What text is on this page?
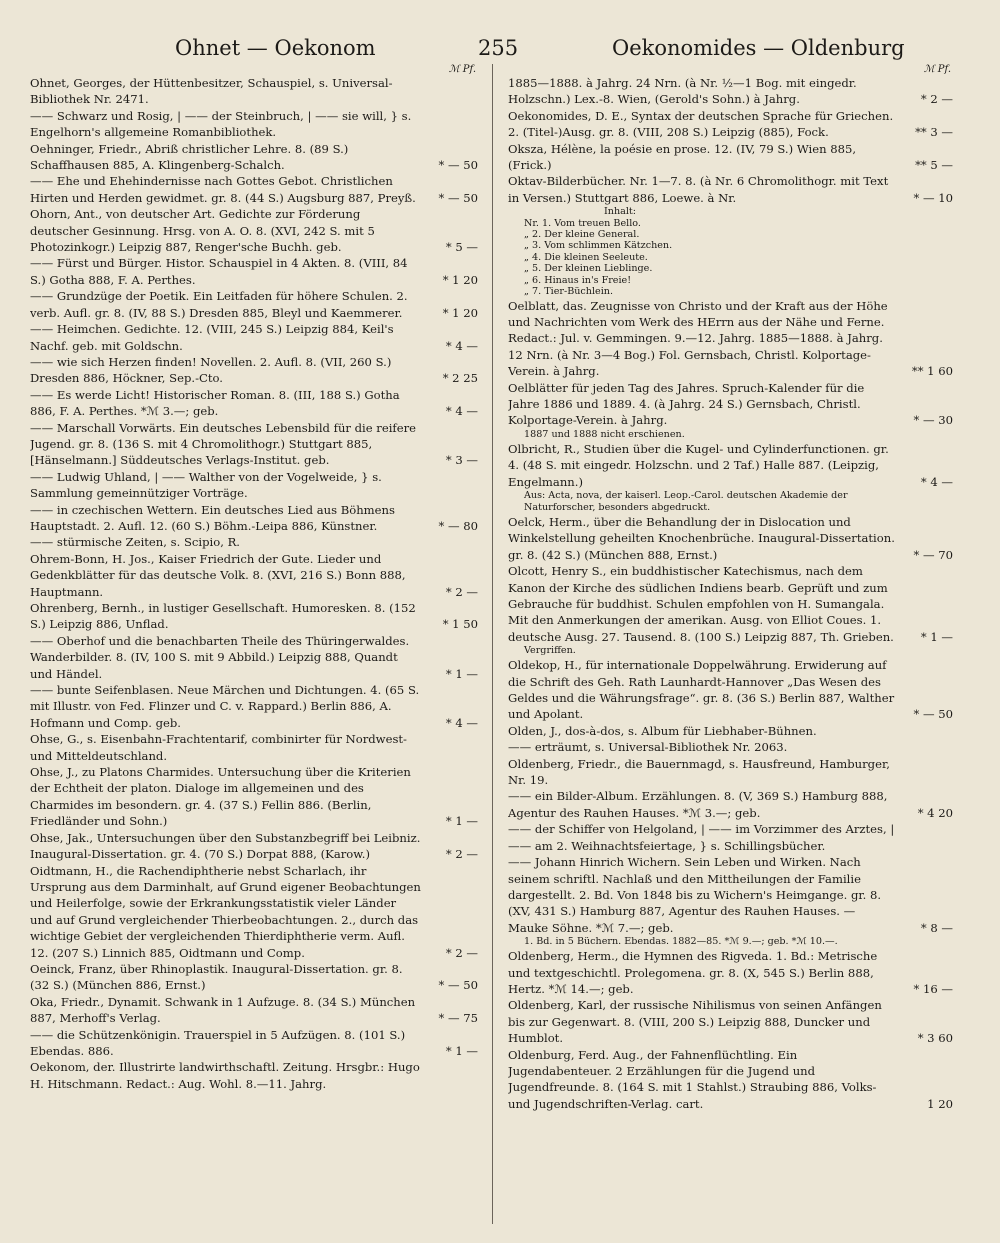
Ohnet — Oekonom	255	Oekonomides — Oldenburg
ℳ Pf.
Ohnet, Georges, der Hüttenbesitzer, Schauspiel, s. Universal-Bibliothek Nr. 2471.
—— Schwarz und Rosig, | —— der Steinbruch, | —— sie will, } s. Engelhorn's allgemeine Romanbibliothek.
Oehninger, Friedr., Abriß christlicher Lehre. 8. (89 S.) Schaffhausen 885, A. Klingenberg-Schalch.	* — 50
—— Ehe und Ehehindernisse nach Gottes Gebot. Christlichen Hirten und Herden gewidmet. gr. 8. (44 S.) Augsburg 887, Preyß.	* — 50
Ohorn, Ant., von deutscher Art. Gedichte zur Förderung deutscher Gesinnung. Hrsg. von A. O. 8. (XVI, 242 S. mit 5 Photozinkogr.) Leipzig 887, Renger'sche Buchh. geb.	* 5 —
—— Fürst und Bürger. Histor. Schauspiel in 4 Akten. 8. (VIII, 84 S.) Gotha 888, F. A. Perthes.	* 1 20
—— Grundzüge der Poetik. Ein Leitfaden für höhere Schulen. 2. verb. Aufl. gr. 8. (IV, 88 S.) Dresden 885, Bleyl und Kaemmerer.	* 1 20
—— Heimchen. Gedichte. 12. (VIII, 245 S.) Leipzig 884, Keil's Nachf. geb. mit Goldschn.	* 4 —
—— wie sich Herzen finden! Novellen. 2. Aufl. 8. (VII, 260 S.) Dresden 886, Höckner, Sep.-Cto.	* 2 25
—— Es werde Licht! Historischer Roman. 8. (III, 188 S.) Gotha 886, F. A. Perthes. *ℳ 3.—; geb.	* 4 —
—— Marschall Vorwärts. Ein deutsches Lebensbild für die reifere Jugend. gr. 8. (136 S. mit 4 Chromolithogr.) Stuttgart 885, [Hänselmann.] Süddeutsches Verlags-Institut. geb.	* 3 —
—— Ludwig Uhland, | —— Walther von der Vogelweide, } s. Sammlung gemeinnütziger Vorträge.
—— in czechischen Wettern. Ein deutsches Lied aus Böhmens Hauptstadt. 2. Aufl. 12. (60 S.) Böhm.-Leipa 886, Künstner.	* — 80
—— stürmische Zeiten, s. Scipio, R.
Ohrem-Bonn, H. Jos., Kaiser Friedrich der Gute. Lieder und Gedenkblätter für das deutsche Volk. 8. (XVI, 216 S.) Bonn 888, Hauptmann.	* 2 —
Ohrenberg, Bernh., in lustiger Gesellschaft. Humoresken. 8. (152 S.) Leipzig 886, Unflad.	* 1 50
—— Oberhof und die benachbarten Theile des Thüringerwaldes. Wanderbilder. 8. (IV, 100 S. mit 9 Abbild.) Leipzig 888, Quandt und Händel.	* 1 —
—— bunte Seifenblasen. Neue Märchen und Dichtungen. 4. (65 S. mit Illustr. von Fed. Flinzer und C. v. Rappard.) Berlin 886, A. Hofmann und Comp. geb.	* 4 —
Ohse, G., s. Eisenbahn-Frachtentarif, combinirter für Nordwest- und Mitteldeutschland.
Ohse, J., zu Platons Charmides. Untersuchung über die Kriterien der Echtheit der platon. Dialoge im allgemeinen und des Charmides im besondern. gr. 4. (37 S.) Fellin 886. (Berlin, Friedländer und Sohn.)	* 1 —
Ohse, Jak., Untersuchungen über den Substanzbegriff bei Leibniz. Inaugural-Dissertation. gr. 4. (70 S.) Dorpat 888, (Karow.)	* 2 —
Oidtmann, H., die Rachendiphtherie nebst Scharlach, ihr Ursprung aus dem Darminhalt, auf Grund eigener Beobachtungen und Heilerfolge, sowie der Erkrankungsstatistik vieler Länder und auf Grund vergleichender Thierbeobachtungen. 2., durch das wichtige Gebiet der vergleichenden Thierdiphtherie verm. Aufl. 12. (207 S.) Linnich 885, Oidtmann und Comp.	* 2 —
Oeinck, Franz, über Rhinoplastik. Inaugural-Dissertation. gr. 8. (32 S.) (München 886, Ernst.)	* — 50
Oka, Friedr., Dynamit. Schwank in 1 Aufzuge. 8. (34 S.) München 887, Merhoff's Verlag.	* — 75
—— die Schützenkönigin. Trauerspiel in 5 Aufzügen. 8. (101 S.) Ebendas. 886.	* 1 —
Oekonom, der. Illustrirte landwirthschaftl. Zeitung. Hrsgbr.: Hugo H. Hitschmann. Redact.: Aug. Wohl. 8.—11. Jahrg.
ℳ Pf.
1885—1888. à Jahrg. 24 Nrn. (à Nr. ½—1 Bog. mit eingedr. Holzschn.) Lex.-8. Wien, (Gerold's Sohn.) à Jahrg.	* 2 —
Oekonomides, D. E., Syntax der deutschen Sprache für Griechen. 2. (Titel-)Ausg. gr. 8. (VIII, 208 S.) Leipzig (885), Fock.	** 3 —
Oksza, Hélène, la poésie en prose. 12. (IV, 79 S.) Wien 885, (Frick.)	** 5 —
Oktav-Bilderbücher. Nr. 1—7. 8. (à Nr. 6 Chromolithogr. mit Text in Versen.) Stuttgart 886, Loewe. à Nr.	* — 10
Inhalt:
Nr. 1. Vom treuen Bello.
„ 2. Der kleine General.
„ 3. Vom schlimmen Kätzchen.
„ 4. Die kleinen Seeleute.
„ 5. Der kleinen Lieblinge.
„ 6. Hinaus in's Freie!
„ 7. Tier-Büchlein.
Oelblatt, das. Zeugnisse von Christo und der Kraft aus der Höhe und Nachrichten vom Werk des HErrn aus der Nähe und Ferne. Redact.: Jul. v. Gemmingen. 9.—12. Jahrg. 1885—1888. à Jahrg. 12 Nrn. (à Nr. 3—4 Bog.) Fol. Gernsbach, Christl. Kolportage-Verein. à Jahrg.	** 1 60
Oelblätter für jeden Tag des Jahres. Spruch-Kalender für die Jahre 1886 und 1889. 4. (à Jahrg. 24 S.) Gernsbach, Christl. Kolportage-Verein. à Jahrg.	* — 30
1887 und 1888 nicht erschienen.
Olbricht, R., Studien über die Kugel- und Cylinderfunctionen. gr. 4. (48 S. mit eingedr. Holzschn. und 2 Taf.) Halle 887. (Leipzig, Engelmann.)	* 4 —
Aus: Acta, nova, der kaiserl. Leop.-Carol. deutschen Akademie der Naturforscher, besonders abgedruckt.
Oelck, Herm., über die Behandlung der in Dislocation und Winkelstellung geheilten Knochenbrüche. Inaugural-Dissertation. gr. 8. (42 S.) (München 888, Ernst.)	* — 70
Olcott, Henry S., ein buddhistischer Katechismus, nach dem Kanon der Kirche des südlichen Indiens bearb. Geprüft und zum Gebrauche für buddhist. Schulen empfohlen von H. Sumangala. Mit den Anmerkungen der amerikan. Ausg. von Elliot Coues. 1. deutsche Ausg. 27. Tausend. 8. (100 S.) Leipzig 887, Th. Grieben.	* 1 —
Vergriffen.
Oldekop, H., für internationale Doppelwährung. Erwiderung auf die Schrift des Geh. Rath Launhardt-Hannover „Das Wesen des Geldes und die Währungsfrage“. gr. 8. (36 S.) Berlin 887, Walther und Apolant.	* — 50
Olden, J., dos-à-dos, s. Album für Liebhaber-Bühnen.
—— erträumt, s. Universal-Bibliothek Nr. 2063.
Oldenberg, Friedr., die Bauernmagd, s. Hausfreund, Hamburger, Nr. 19.
—— ein Bilder-Album. Erzählungen. 8. (V, 369 S.) Hamburg 888, Agentur des Rauhen Hauses. *ℳ 3.—; geb.	* 4 20
—— der Schiffer von Helgoland, | —— im Vorzimmer des Arztes, | —— am 2. Weihnachtsfeiertage, } s. Schillingsbücher.
—— Johann Hinrich Wichern. Sein Leben und Wirken. Nach seinem schriftl. Nachlaß und den Mittheilungen der Familie dargestellt. 2. Bd. Von 1848 bis zu Wichern's Heimgange. gr. 8. (XV, 431 S.) Hamburg 887, Agentur des Rauhen Hauses. — Mauke Söhne. *ℳ 7.—; geb.	* 8 —
1. Bd. in 5 Büchern. Ebendas. 1882—85. *ℳ 9.—; geb. *ℳ 10.—.
Oldenberg, Herm., die Hymnen des Rigveda. 1. Bd.: Metrische und textgeschichtl. Prolegomena. gr. 8. (X, 545 S.) Berlin 888, Hertz. *ℳ 14.—; geb.	* 16 —
Oldenberg, Karl, der russische Nihilismus von seinen Anfängen bis zur Gegenwart. 8. (VIII, 200 S.) Leipzig 888, Duncker und Humblot.	* 3 60
Oldenburg, Ferd. Aug., der Fahnenflüchtling. Ein Jugendabenteuer. 2 Erzählungen für die Jugend und Jugendfreunde. 8. (164 S. mit 1 Stahlst.) Straubing 886, Volks- und Jugendschriften-Verlag. cart.	1 20
